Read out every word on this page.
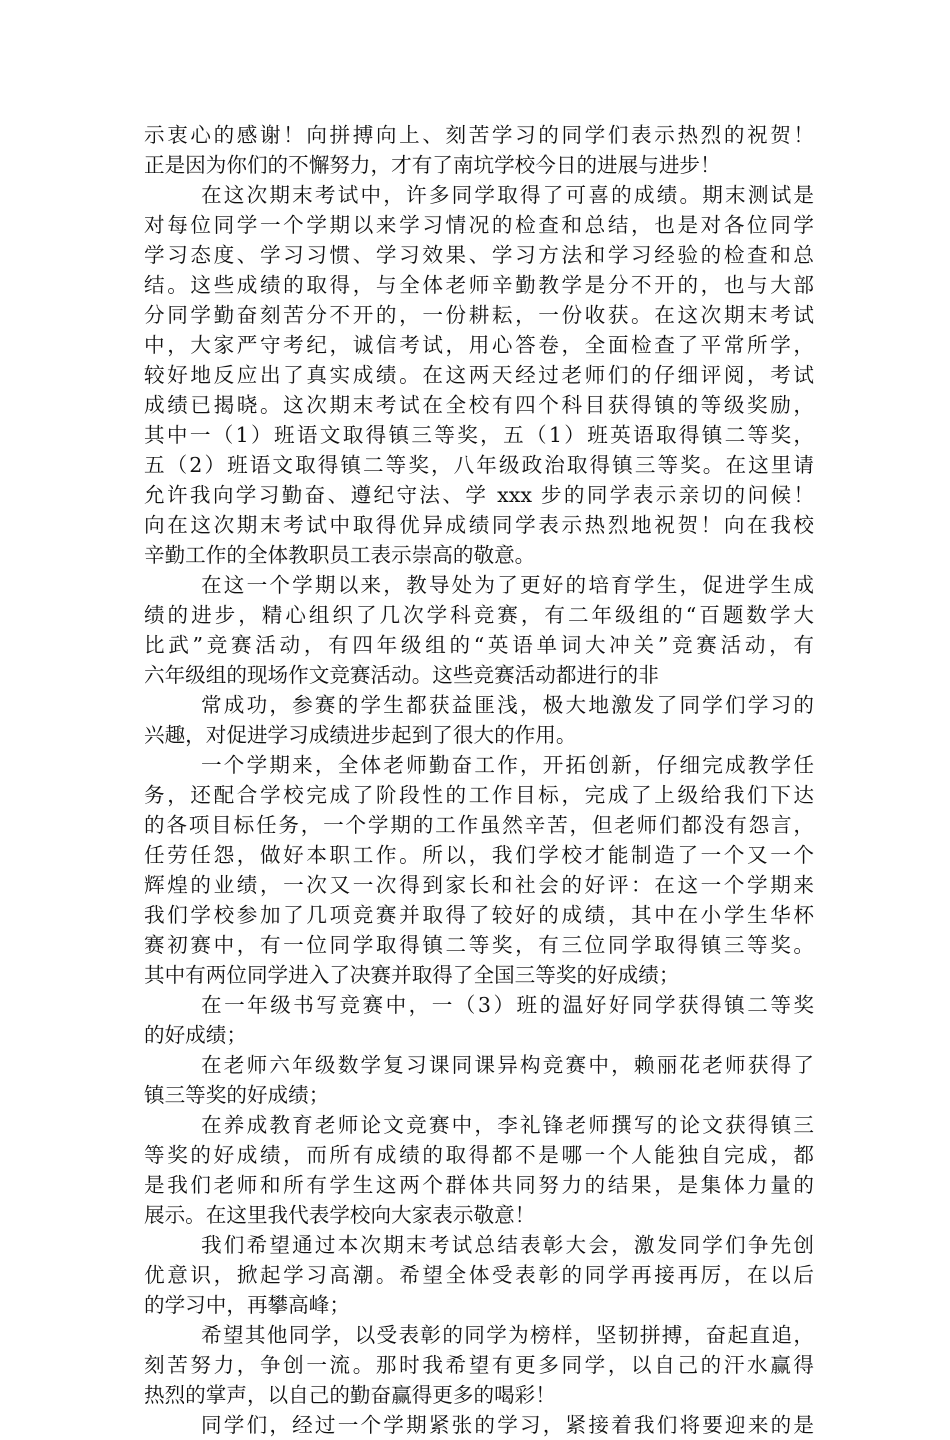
示衷心的感谢！向拼搏向上、刻苦学习的同学们表示热烈的祝贺！
正是因为你们的不懈努力，才有了南坑学校今日的进展与进步！
在这次期末考试中，许多同学取得了可喜的成绩。期末测试是
对每位同学一个学期以来学习情况的检查和总结，也是对各位同学
学习态度、学习习惯、学习效果、学习方法和学习经验的检查和总
结。这些成绩的取得，与全体老师辛勤教学是分不开的，也与大部
分同学勤奋刻苦分不开的，一份耕耘，一份收获。在这次期末考试
中，大家严守考纪，诚信考试，用心答卷，全面检查了平常所学，
较好地反应出了真实成绩。在这两天经过老师们的仔细评阅，考试
成绩已揭晓。这次期末考试在全校有四个科目获得镇的等级奖励，
其中一（1）班语文取得镇三等奖，五（1）班英语取得镇二等奖，
五（2）班语文取得镇二等奖，八年级政治取得镇三等奖。在这里请
允许我向学习勤奋、遵纪守法、学 xxx 步的同学表示亲切的问候！
向在这次期末考试中取得优异成绩同学表示热烈地祝贺！向在我校
辛勤工作的全体教职员工表示崇高的敬意。
在这一个学期以来，教导处为了更好的培育学生，促进学生成
绩的进步，精心组织了几次学科竞赛，有二年级组的“百题数学大
比武”竞赛活动，有四年级组的“英语单词大冲关”竞赛活动，有
六年级组的现场作文竞赛活动。这些竞赛活动都进行的非
常成功，参赛的学生都获益匪浅，极大地激发了同学们学习的
兴趣，对促进学习成绩进步起到了很大的作用。
一个学期来，全体老师勤奋工作，开拓创新，仔细完成教学任
务，还配合学校完成了阶段性的工作目标，完成了上级给我们下达
的各项目标任务，一个学期的工作虽然辛苦，但老师们都没有怨言，
任劳任怨，做好本职工作。所以，我们学校才能制造了一个又一个
辉煌的业绩，一次又一次得到家长和社会的好评：在这一个学期来
我们学校参加了几项竞赛并取得了较好的成绩，其中在小学生华杯
赛初赛中，有一位同学取得镇二等奖，有三位同学取得镇三等奖。
其中有两位同学进入了决赛并取得了全国三等奖的好成绩；
在一年级书写竞赛中，一（3）班的温好好同学获得镇二等奖
的好成绩；
在老师六年级数学复习课同课异构竞赛中，赖丽花老师获得了
镇三等奖的好成绩；
在养成教育老师论文竞赛中，李礼锋老师撰写的论文获得镇三
等奖的好成绩，而所有成绩的取得都不是哪一个人能独自完成，都
是我们老师和所有学生这两个群体共同努力的结果，是集体力量的
展示。在这里我代表学校向大家表示敬意！
我们希望通过本次期末考试总结表彰大会，激发同学们争先创
优意识，掀起学习高潮。希望全体受表彰的同学再接再厉，在以后
的学习中，再攀高峰；
希望其他同学，以受表彰的同学为榜样，坚韧拼搏，奋起直追，
刻苦努力，争创一流。那时我希望有更多同学，以自己的汗水赢得
热烈的掌声，以自己的勤奋赢得更多的喝彩！
同学们，经过一个学期紧张的学习，紧接着我们将要迎来的是
